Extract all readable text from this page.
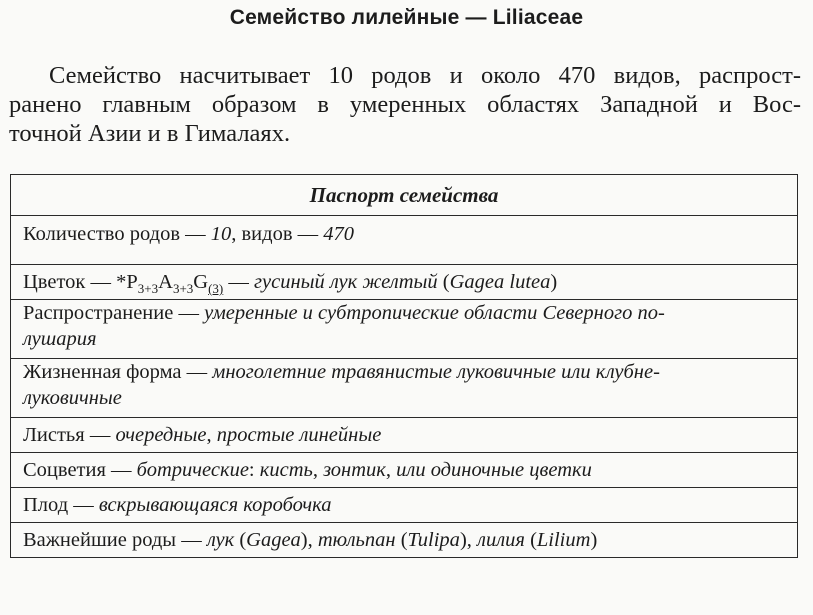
Семейство лилейные — Liliaceae

Семейство насчитывает 10 родов и около 470 видов, распрост-
ранено главным образом в умеренных областях Западной и Вос-
точной Азии и в Гималаях.

Паспорт семейства
Количество родов — 10, видов — 470
Цветок — $*P_{3+3}A_{3+3}G_{(3)}$ — гусиный лук желтый (Gagea lutea)
Распространение — умеренные и субтропические области Северного по-
лушария
Жизненная форма — многолетние травянистые луковичные или клубне-
луковичные
Листья — очередные, простые линейные
Соцветия — ботрические: кисть, зонтик, или одиночные цветки
Плод — вскрывающаяся коробочка
Важнейшие роды — лук (Gagea), тюльпан (Tulipa), лилия (Lilium)
